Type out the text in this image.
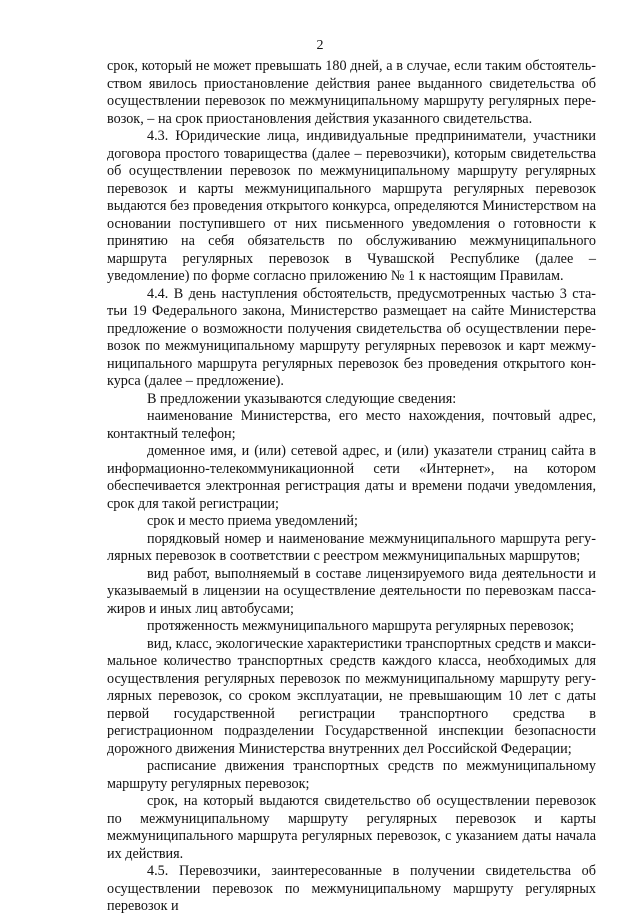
2

срок, который не может превышать 180 дней, а в случае, если таким обстоятельством явилось приостановление действия ранее выданного свидетельства об осуществлении перевозок по межмуниципальному маршруту регулярных перевозок, – на срок приостановления действия указанного свидетельства.

4.3. Юридические лица, индивидуальные предприниматели, участники договора простого товарищества (далее – перевозчики), которым свидетельства об осуществлении перевозок по межмуниципальному маршруту регулярных перевозок и карты межмуниципального маршрута регулярных перевозок выдаются без проведения открытого конкурса, определяются Министерством на основании поступившего от них письменного уведомления о готовности к принятию на себя обязательств по обслуживанию межмуниципального маршрута регулярных перевозок в Чувашской Республике (далее – уведомление) по форме согласно приложению № 1 к настоящим Правилам.

4.4. В день наступления обстоятельств, предусмотренных частью 3 статьи 19 Федерального закона, Министерство размещает на сайте Министерства предложение о возможности получения свидетельства об осуществлении перевозок по межмуниципальному маршруту регулярных перевозок и карт межмуниципального маршрута регулярных перевозок без проведения открытого конкурса (далее – предложение).

В предложении указываются следующие сведения:

наименование Министерства, его место нахождения, почтовый адрес, контактный телефон;

доменное имя, и (или) сетевой адрес, и (или) указатели страниц сайта в информационно-телекоммуникационной сети «Интернет», на котором обеспечивается электронная регистрация даты и времени подачи уведомления, срок для такой регистрации;

срок и место приема уведомлений;

порядковый номер и наименование межмуниципального маршрута регулярных перевозок в соответствии с реестром межмуниципальных маршрутов;

вид работ, выполняемый в составе лицензируемого вида деятельности и указываемый в лицензии на осуществление деятельности по перевозкам пассажиров и иных лиц автобусами;

протяженность межмуниципального маршрута регулярных перевозок;

вид, класс, экологические характеристики транспортных средств и максимальное количество транспортных средств каждого класса, необходимых для осуществления регулярных перевозок по межмуниципальному маршруту регулярных перевозок, со сроком эксплуатации, не превышающим 10 лет с даты первой государственной регистрации транспортного средства в регистрационном подразделении Государственной инспекции безопасности дорожного движения Министерства внутренних дел Российской Федерации;

расписание движения транспортных средств по межмуниципальному маршруту регулярных перевозок;

срок, на который выдаются свидетельство об осуществлении перевозок по межмуниципальному маршруту регулярных перевозок и карты межмуниципального маршрута регулярных перевозок, с указанием даты начала их действия.

4.5. Перевозчики, заинтересованные в получении свидетельства об осуществлении перевозок по межмуниципальному маршруту регулярных перевозок и
